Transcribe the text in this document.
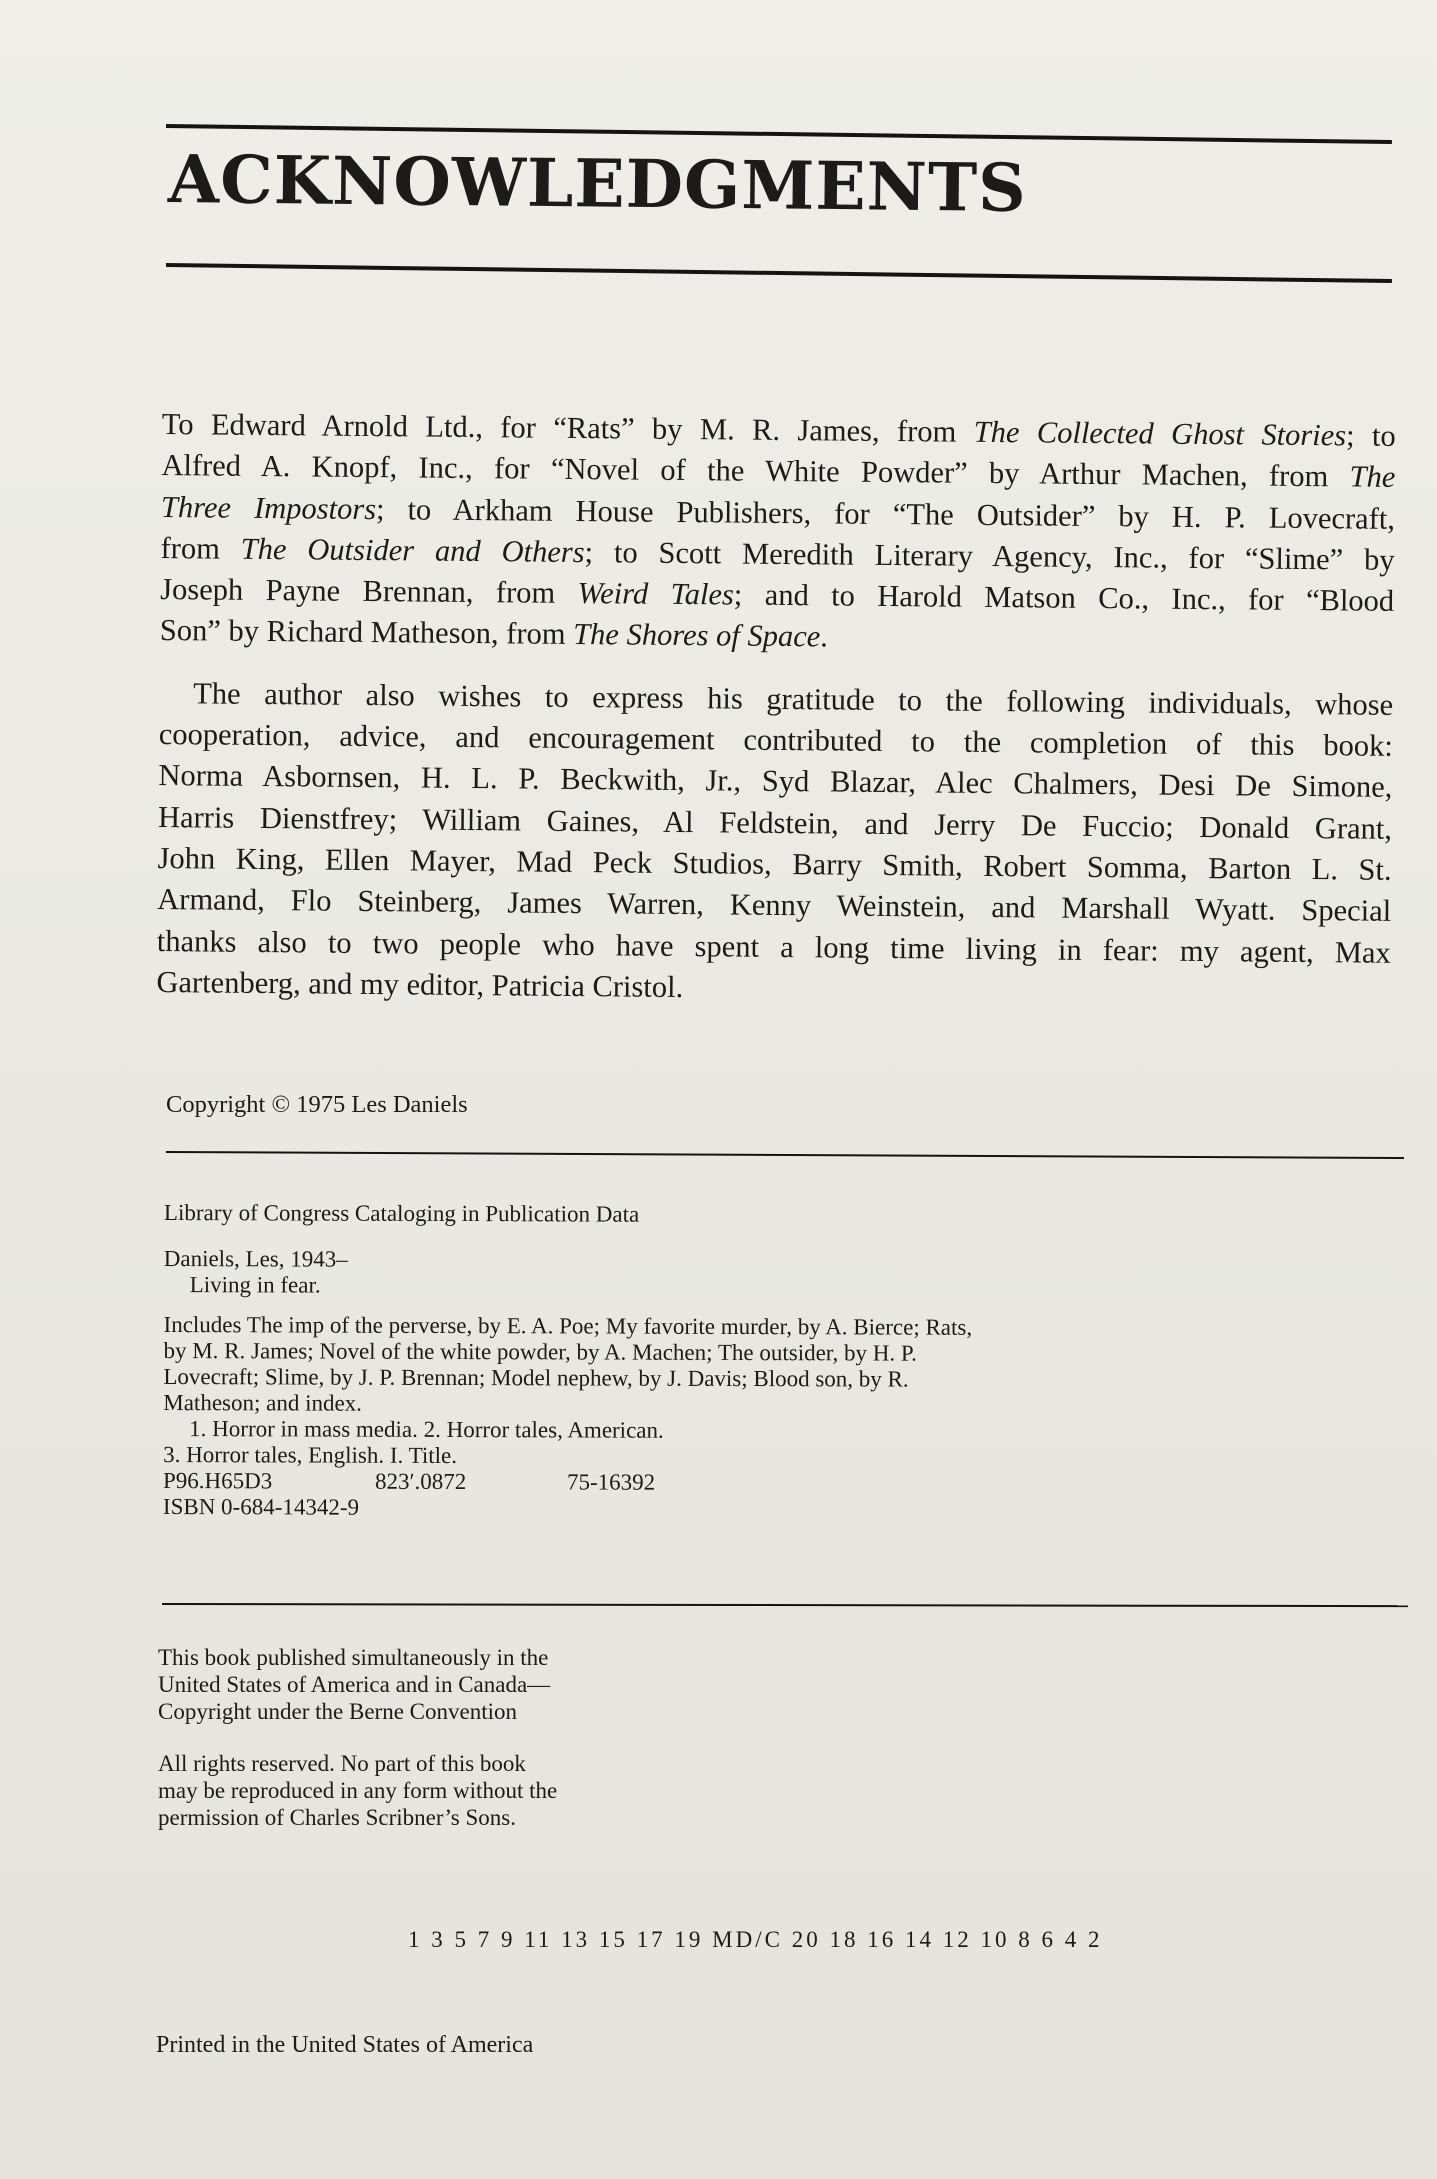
ACKNOWLEDGMENTS

To Edward Arnold Ltd., for “Rats” by M. R. James, from The Collected Ghost Stories; to

Alfred A. Knopf, Inc., for “Novel of the White Powder” by Arthur Machen, from The

Three Impostors; to Arkham House Publishers, for “The Outsider” by H. P. Lovecraft,

from The Outsider and Others; to Scott Meredith Literary Agency, Inc., for “Slime” by

Joseph Payne Brennan, from Weird Tales; and to Harold Matson Co., Inc., for “Blood

Son” by Richard Matheson, from The Shores of Space.

The author also wishes to express his gratitude to the following individuals, whose

cooperation, advice, and encouragement contributed to the completion of this book:

Norma Asbornsen, H. L. P. Beckwith, Jr., Syd Blazar, Alec Chalmers, Desi De Simone,

Harris Dienstfrey; William Gaines, Al Feldstein, and Jerry De Fuccio; Donald Grant,

John King, Ellen Mayer, Mad Peck Studios, Barry Smith, Robert Somma, Barton L. St.

Armand, Flo Steinberg, James Warren, Kenny Weinstein, and Marshall Wyatt. Special

thanks also to two people who have spent a long time living in fear: my agent, Max

Gartenberg, and my editor, Patricia Cristol.

Copyright © 1975 Les Daniels
Library of Congress Cataloging in Publication Data
Daniels, Les, 1943–
Living in fear.
Includes The imp of the perverse, by E. A. Poe; My favorite murder, by A. Bierce; Rats,
by M. R. James; Novel of the white powder, by A. Machen; The outsider, by H. P.
Lovecraft; Slime, by J. P. Brennan; Model nephew, by J. Davis; Blood son, by R.
Matheson; and index.
1. Horror in mass media. 2. Horror tales, American.
3. Horror tales, English. I. Title.
P96.H65D3	823′.0872	75-16392
ISBN 0-684-14342-9
This book published simultaneously in the
United States of America and in Canada—
Copyright under the Berne Convention
All rights reserved. No part of this book
may be reproduced in any form without the
permission of Charles Scribner’s Sons.
1 3 5 7 9 11 13 15 17 19 MD/C 20 18 16 14 12 10 8 6 4 2
Printed in the United States of America
